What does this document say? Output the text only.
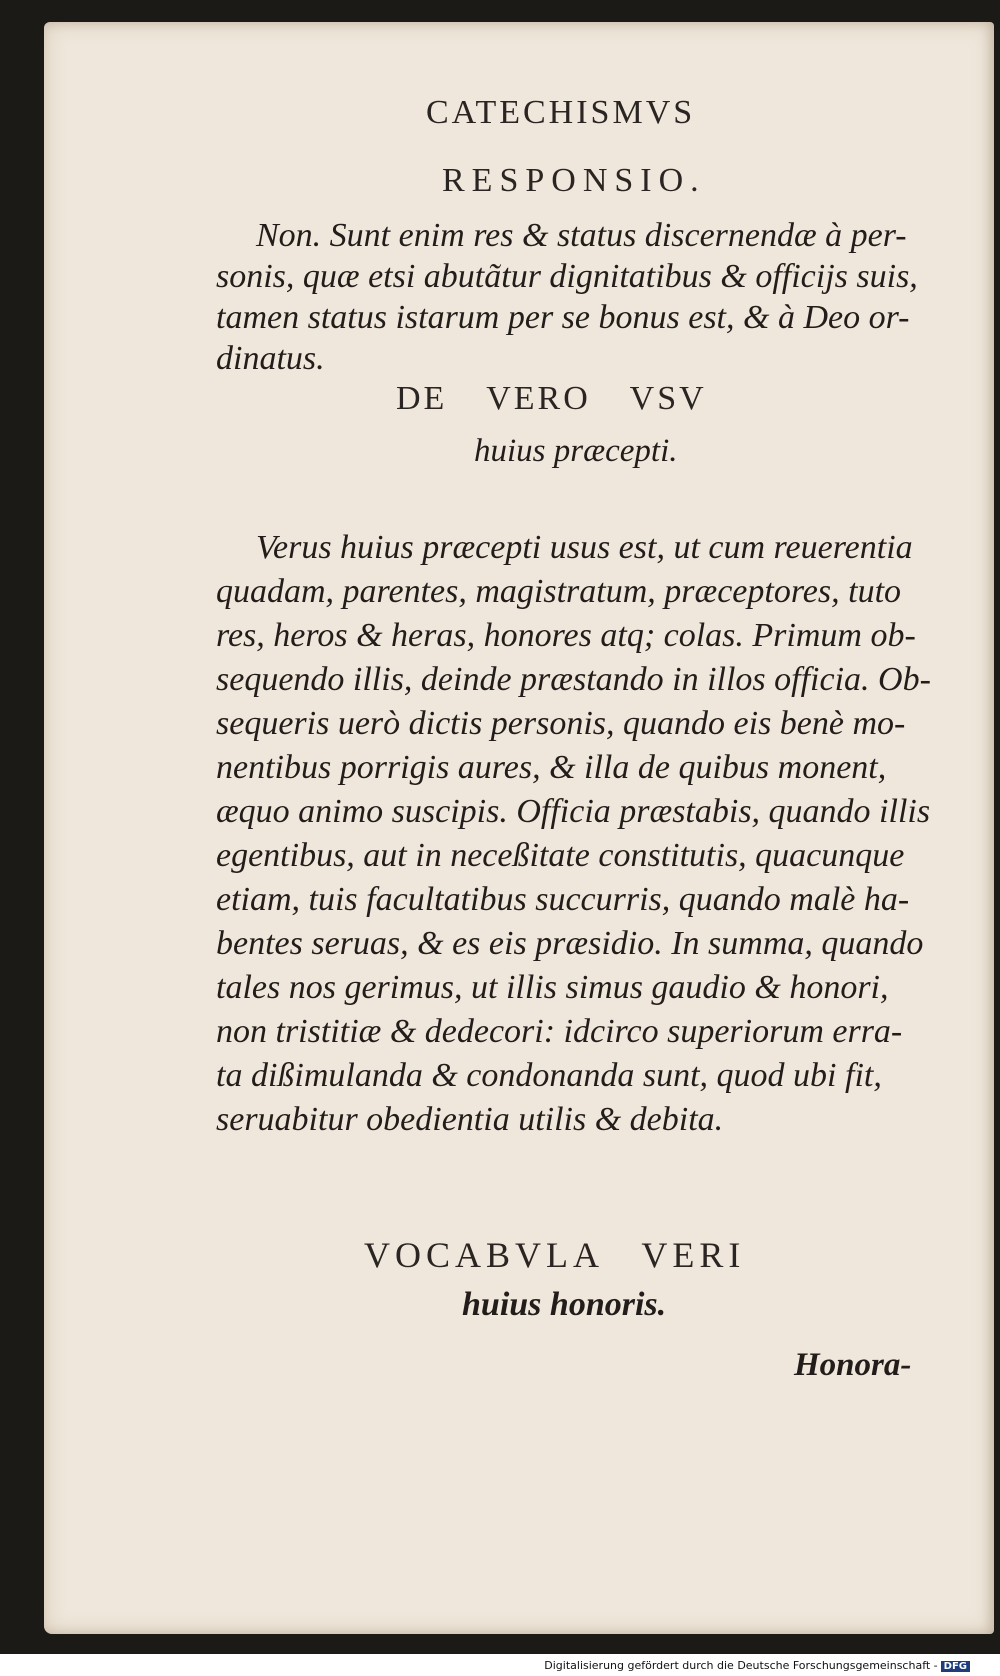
CATECHISMVS
RESPONSIO.
Non. Sunt enim res & status discernendæ à per-
sonis, quæ etsi abutãtur dignitatibus & officijs suis,
tamen status istarum per se bonus est, & à Deo or-
dinatus.
DE VERO VSV
huius præcepti.
Verus huius præcepti usus est, ut cum reuerentia
quadam, parentes, magistratum, præceptores, tuto
res, heros & heras, honores atq; colas. Primum ob-
sequendo illis, deinde præstando in illos officia. Ob-
sequeris uerò dictis personis, quando eis benè mo-
nentibus porrigis aures, & illa de quibus monent,
æquo animo suscipis. Officia præstabis, quando illis
egentibus, aut in neceßitate constitutis, quacunque
etiam, tuis facultatibus succurris, quando malè ha-
bentes seruas, & es eis præsidio. In summa, quando
tales nos gerimus, ut illis simus gaudio & honori,
non tristitiæ & dedecori: idcirco superiorum erra-
ta dißimulanda & condonanda sunt, quod ubi fit,
seruabitur obedientia utilis & debita.
VOCABVLA VERI
huius honoris.
Honora-
Digitalisierung gefördert durch die Deutsche Forschungsgemeinschaft - DFG
